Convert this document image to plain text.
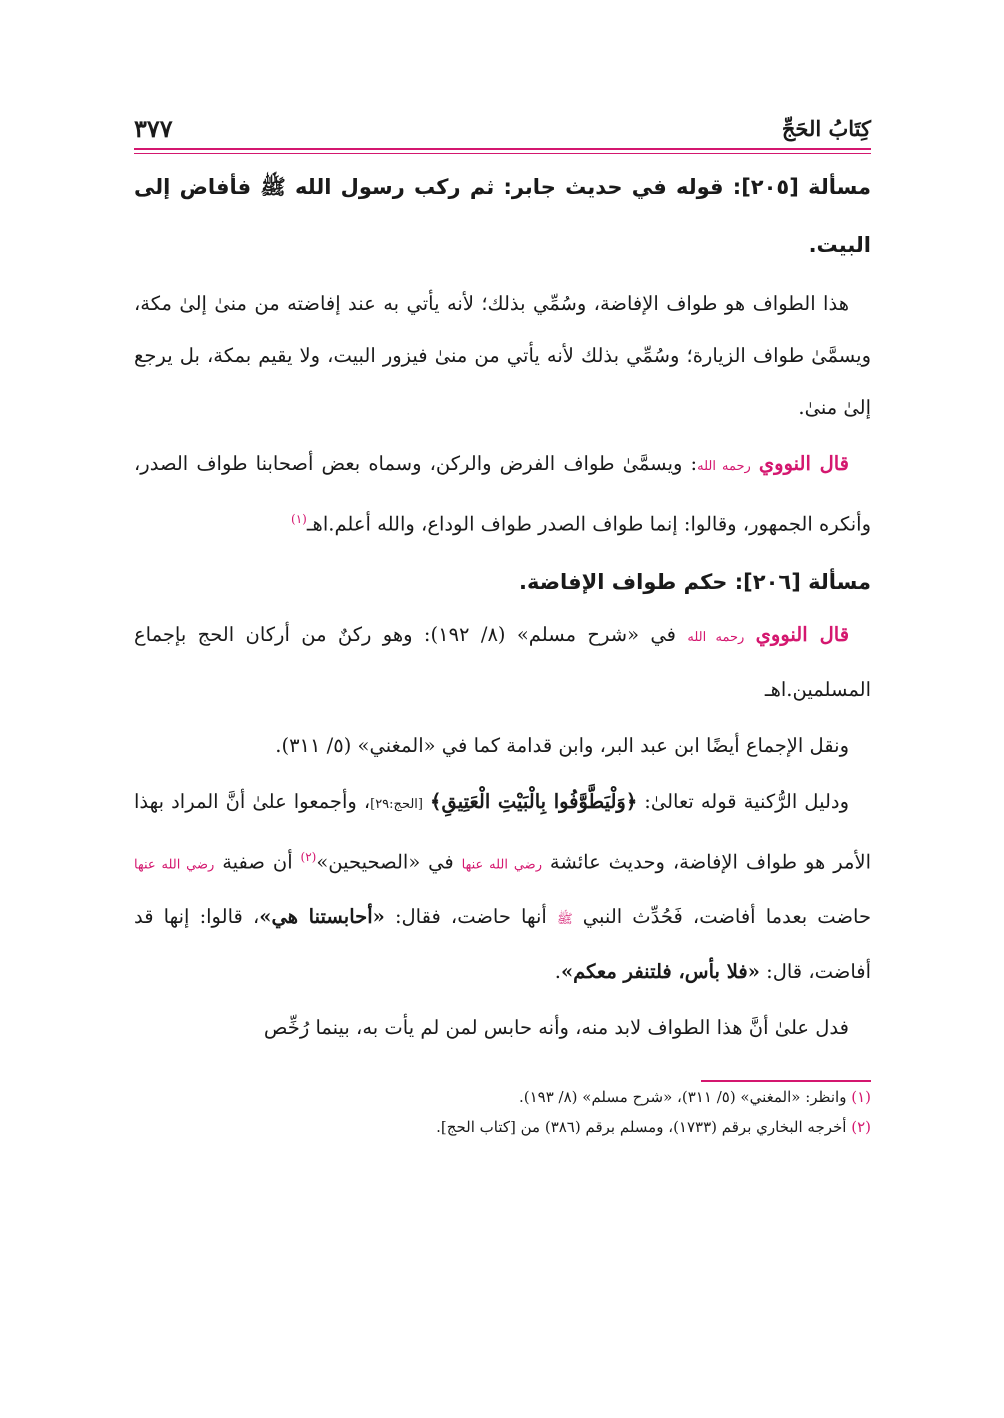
كِتَابُ الحَجِّ
٣٧٧

مسألة [٢٠٥]: قوله في حديث جابر: ثم ركب رسول الله ﷺ فأفاض إلى البيت.

هذا الطواف هو طواف الإفاضة، وسُمِّي بذلك؛ لأنه يأتي به عند إفاضته من منىٰ إلىٰ مكة، ويسمَّىٰ طواف الزيارة؛ وسُمِّي بذلك لأنه يأتي من منىٰ فيزور البيت، ولا يقيم بمكة، بل يرجع إلىٰ منىٰ.

قال النووي رحمه الله: ويسمَّىٰ طواف الفرض والركن، وسماه بعض أصحابنا طواف الصدر، وأنكره الجمهور، وقالوا: إنما طواف الصدر طواف الوداع، والله أعلم.اهـ$^{(١)}$

مسألة [٢٠٦]: حكم طواف الإفاضة.

قال النووي رحمه الله في «شرح مسلم» (٨/ ١٩٢): وهو ركنٌ من أركان الحج بإجماع المسلمين.اهـ

ونقل الإجماع أيضًا ابن عبد البر، وابن قدامة كما في «المغني» (٥/ ٣١١).

ودليل الرُّكنية قوله تعالىٰ: ﴿وَلْيَطَّوَّفُوا بِالْبَيْتِ الْعَتِيقِ﴾ [الحج:٢٩]، وأجمعوا علىٰ أنَّ المراد بهذا الأمر هو طواف الإفاضة، وحديث عائشة رضي الله عنها في «الصحيحين»$^{(٢)}$ أن صفية رضي الله عنها حاضت بعدما أفاضت، فَحُدِّث النبي ﷺ أنها حاضت، فقال: «أحابستنا هي»، قالوا: إنها قد أفاضت، قال: «فلا بأس، فلتنفر معكم».

فدل علىٰ أنَّ هذا الطواف لابد منه، وأنه حابس لمن لم يأت به، بينما رُخِّص

(١) وانظر: «المغني» (٥/ ٣١١)، «شرح مسلم» (٨/ ١٩٣).

(٢) أخرجه البخاري برقم (١٧٣٣)، ومسلم برقم (٣٨٦) من [كتاب الحج].
